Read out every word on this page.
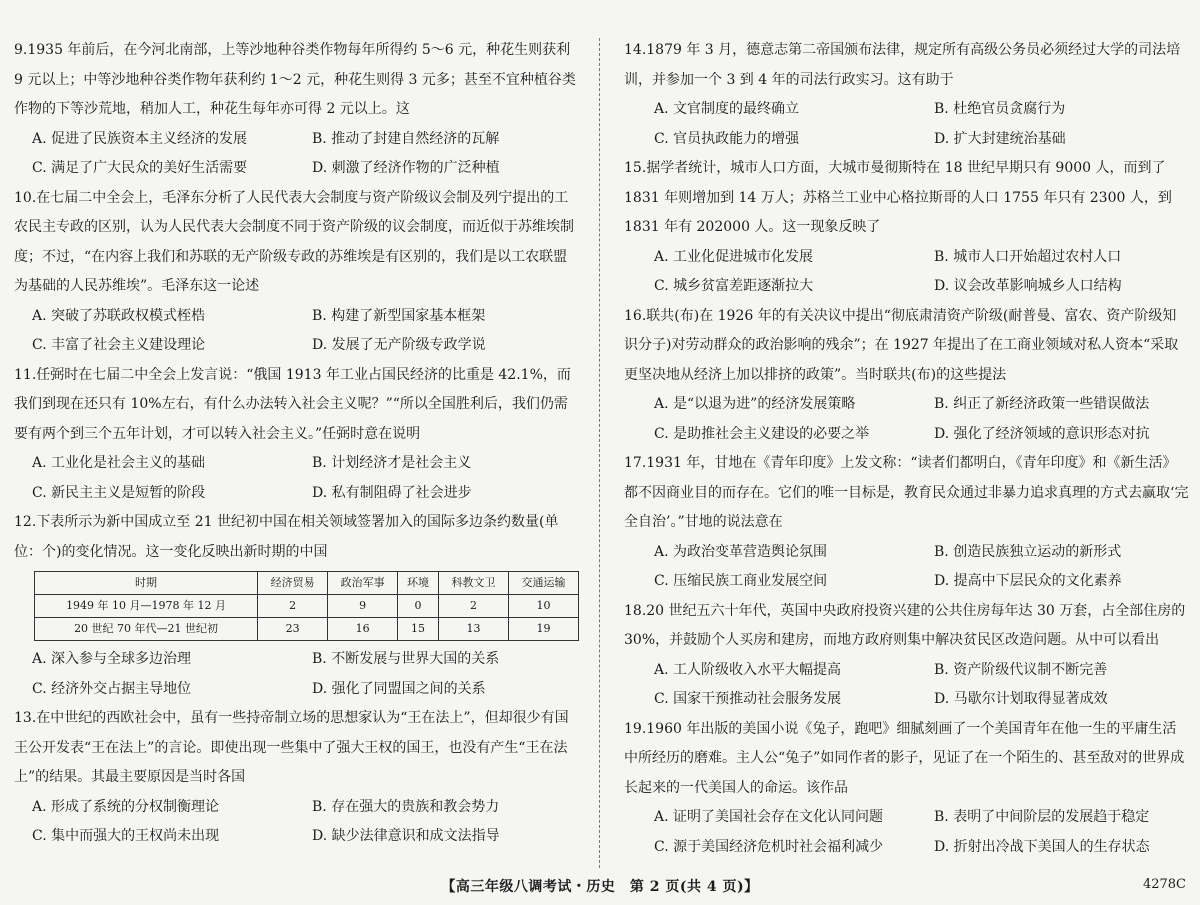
9.1935 年前后，在今河北南部，上等沙地种谷类作物每年所得约 5～6 元，种花生则获利 9 元以上；中等沙地种谷类作物年获利约 1～2 元，种花生则得 3 元多；甚至不宜种植谷类作物的下等沙荒地，稍加人工，种花生每年亦可得 2 元以上。这
A. 促进了民族资本主义经济的发展	B. 推动了封建自然经济的瓦解
C. 满足了广大民众的美好生活需要	D. 刺激了经济作物的广泛种植
10.在七届二中全会上，毛泽东分析了人民代表大会制度与资产阶级议会制及列宁提出的工农民主专政的区别，认为人民代表大会制度不同于资产阶级的议会制度，而近似于苏维埃制度；不过，“在内容上我们和苏联的无产阶级专政的苏维埃是有区别的，我们是以工农联盟为基础的人民苏维埃”。毛泽东这一论述
A. 突破了苏联政权模式桎梏	B. 构建了新型国家基本框架
C. 丰富了社会主义建设理论	D. 发展了无产阶级专政学说
11.任弼时在七届二中全会上发言说：“俄国 1913 年工业占国民经济的比重是 42.1%，而我们到现在还只有 10%左右，有什么办法转入社会主义呢？”“所以全国胜利后，我们仍需要有两个到三个五年计划，才可以转入社会主义。”任弼时意在说明
A. 工业化是社会主义的基础	B. 计划经济才是社会主义
C. 新民主主义是短暂的阶段	D. 私有制阻碍了社会进步
12.下表所示为新中国成立至 21 世纪初中国在相关领域签署加入的国际多边条约数量(单位：个)的变化情况。这一变化反映出新时期的中国
时期	经济贸易	政治军事	环境	科教文卫	交通运输
1949 年 10 月—1978 年 12 月	2	9	0	2	10
20 世纪 70 年代—21 世纪初	23	16	15	13	19
A. 深入参与全球多边治理	B. 不断发展与世界大国的关系
C. 经济外交占据主导地位	D. 强化了同盟国之间的关系
13.在中世纪的西欧社会中，虽有一些持帝制立场的思想家认为“王在法上”，但却很少有国王公开发表“王在法上”的言论。即使出现一些集中了强大王权的国王，也没有产生“王在法上”的结果。其最主要原因是当时各国
A. 形成了系统的分权制衡理论	B. 存在强大的贵族和教会势力
C. 集中而强大的王权尚未出现	D. 缺少法律意识和成文法指导
14.1879 年 3 月，德意志第二帝国颁布法律，规定所有高级公务员必须经过大学的司法培训，并参加一个 3 到 4 年的司法行政实习。这有助于
A. 文官制度的最终确立	B. 杜绝官员贪腐行为
C. 官员执政能力的增强	D. 扩大封建统治基础
15.据学者统计，城市人口方面，大城市曼彻斯特在 18 世纪早期只有 9000 人，而到了 1831 年则增加到 14 万人；苏格兰工业中心格拉斯哥的人口 1755 年只有 2300 人，到 1831 年有 202000 人。这一现象反映了
A. 工业化促进城市化发展	B. 城市人口开始超过农村人口
C. 城乡贫富差距逐渐拉大	D. 议会改革影响城乡人口结构
16.联共(布)在 1926 年的有关决议中提出“彻底肃清资产阶级(耐普曼、富农、资产阶级知识分子)对劳动群众的政治影响的残余”；在 1927 年提出了在工商业领域对私人资本“采取更坚决地从经济上加以排挤的政策”。当时联共(布)的这些提法
A. 是“以退为进”的经济发展策略	B. 纠正了新经济政策一些错误做法
C. 是助推社会主义建设的必要之举	D. 强化了经济领域的意识形态对抗
17.1931 年，甘地在《青年印度》上发文称：“读者们都明白，《青年印度》和《新生活》都不因商业目的而存在。它们的唯一目标是，教育民众通过非暴力追求真理的方式去赢取‘完全自治’。”甘地的说法意在
A. 为政治变革营造舆论氛围	B. 创造民族独立运动的新形式
C. 压缩民族工商业发展空间	D. 提高中下层民众的文化素养
18.20 世纪五六十年代，英国中央政府投资兴建的公共住房每年达 30 万套，占全部住房的 30%，并鼓励个人买房和建房，而地方政府则集中解决贫民区改造问题。从中可以看出
A. 工人阶级收入水平大幅提高	B. 资产阶级代议制不断完善
C. 国家干预推动社会服务发展	D. 马歇尔计划取得显著成效
19.1960 年出版的美国小说《兔子，跑吧》细腻刻画了一个美国青年在他一生的平庸生活中所经历的磨难。主人公“兔子”如同作者的影子，见证了在一个陌生的、甚至敌对的世界成长起来的一代美国人的命运。该作品
A. 证明了美国社会存在文化认同问题	B. 表明了中间阶层的发展趋于稳定
C. 源于美国经济危机时社会福利减少	D. 折射出冷战下美国人的生存状态
【高三年级八调考试・历史　第 2 页(共 4 页)】	4278C
